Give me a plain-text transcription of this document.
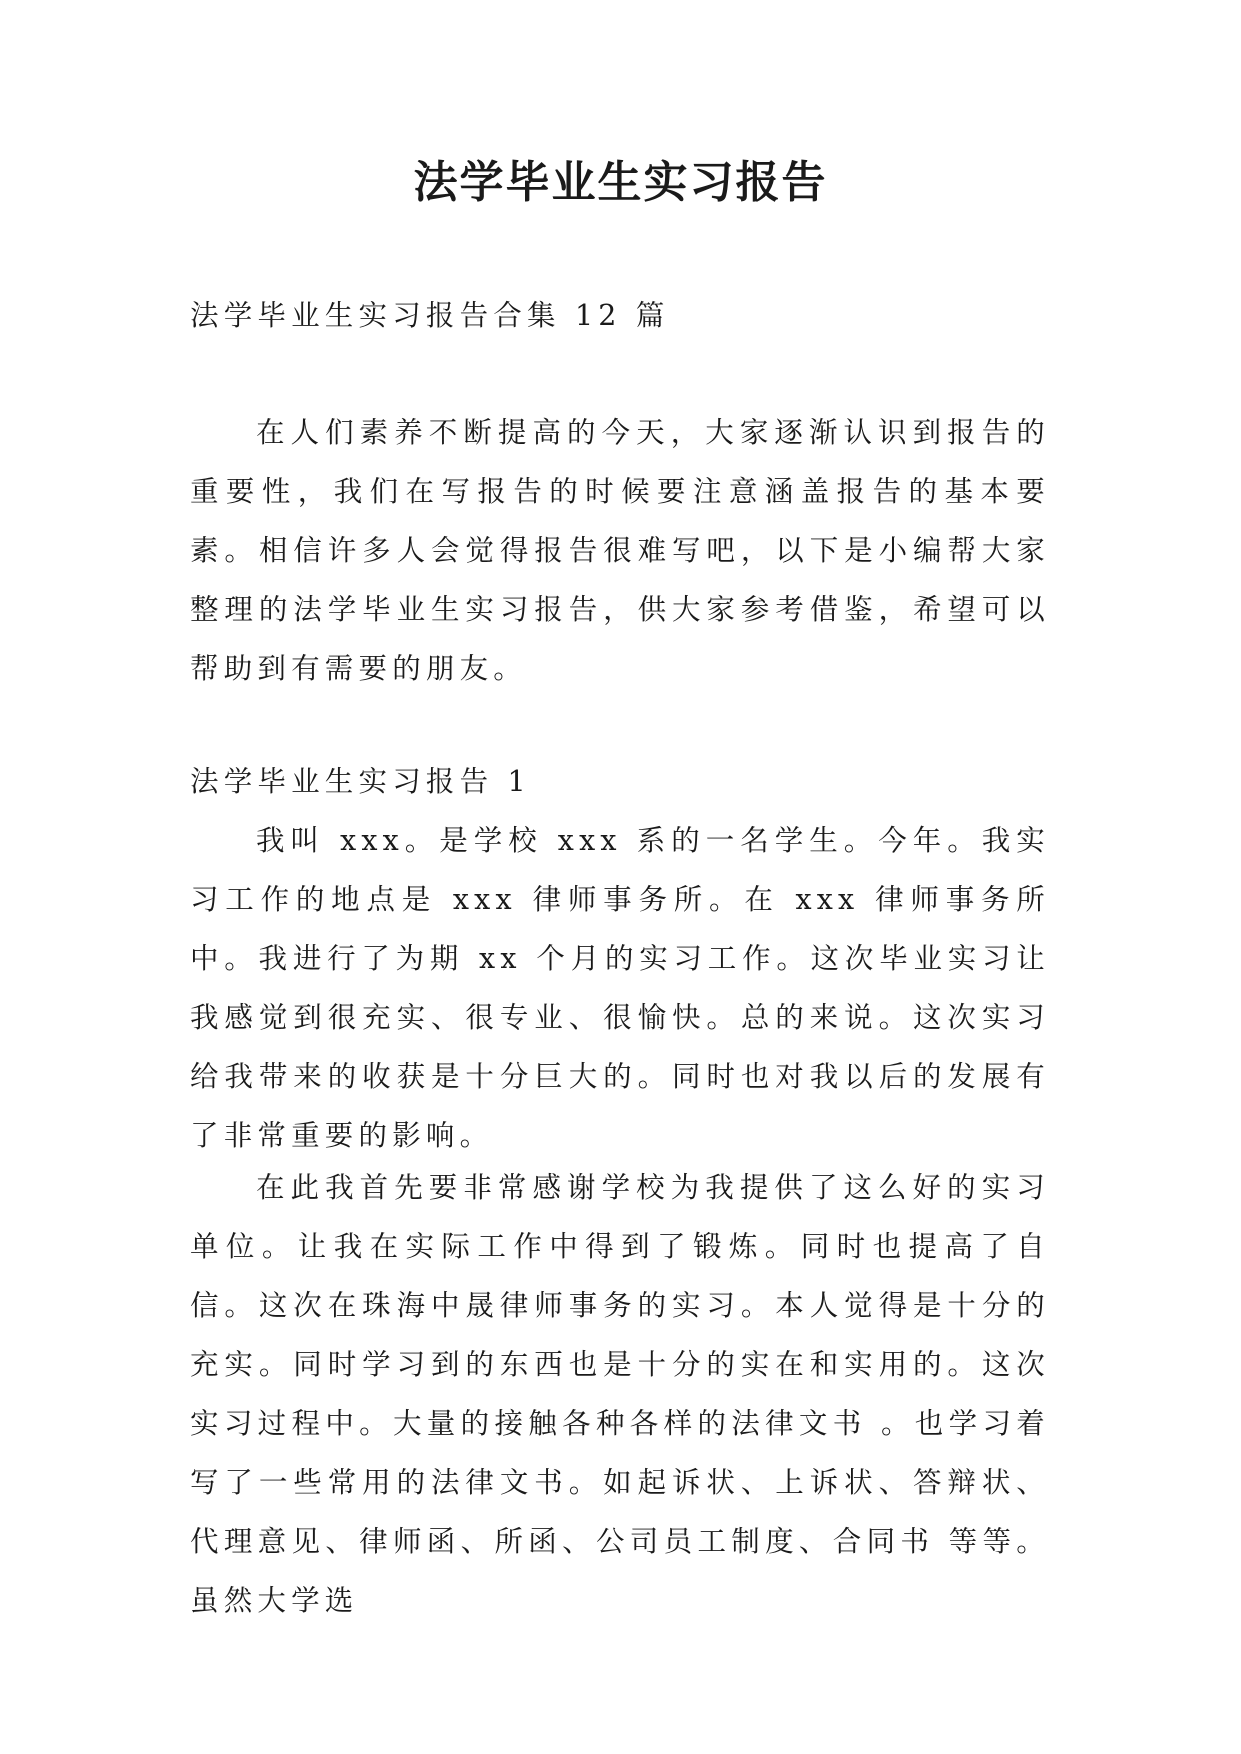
法学毕业生实习报告

法学毕业生实习报告合集 12 篇

在人们素养不断提高的今天，大家逐渐认识到报告的重要性，我们在写报告的时候要注意涵盖报告的基本要素。相信许多人会觉得报告很难写吧，以下是小编帮大家整理的法学毕业生实习报告，供大家参考借鉴，希望可以帮助到有需要的朋友。

法学毕业生实习报告 1

我叫 xxx。是学校 xxx 系的一名学生。今年。我实习工作的地点是 xxx 律师事务所。在 xxx 律师事务所中。我进行了为期 xx 个月的实习工作。这次毕业实习让我感觉到很充实、很专业、很愉快。总的来说。这次实习给我带来的收获是十分巨大的。同时也对我以后的发展有了非常重要的影响。

在此我首先要非常感谢学校为我提供了这么好的实习单位。让我在实际工作中得到了锻炼。同时也提高了自信。这次在珠海中晟律师事务的实习。本人觉得是十分的充实。同时学习到的东西也是十分的实在和实用的。这次实习过程中。大量的接触各种各样的法律文书 。也学习着写了一些常用的法律文书。如起诉状、上诉状、答辩状、代理意见、律师函、所函、公司员工制度、合同书 等等。虽然大学选
